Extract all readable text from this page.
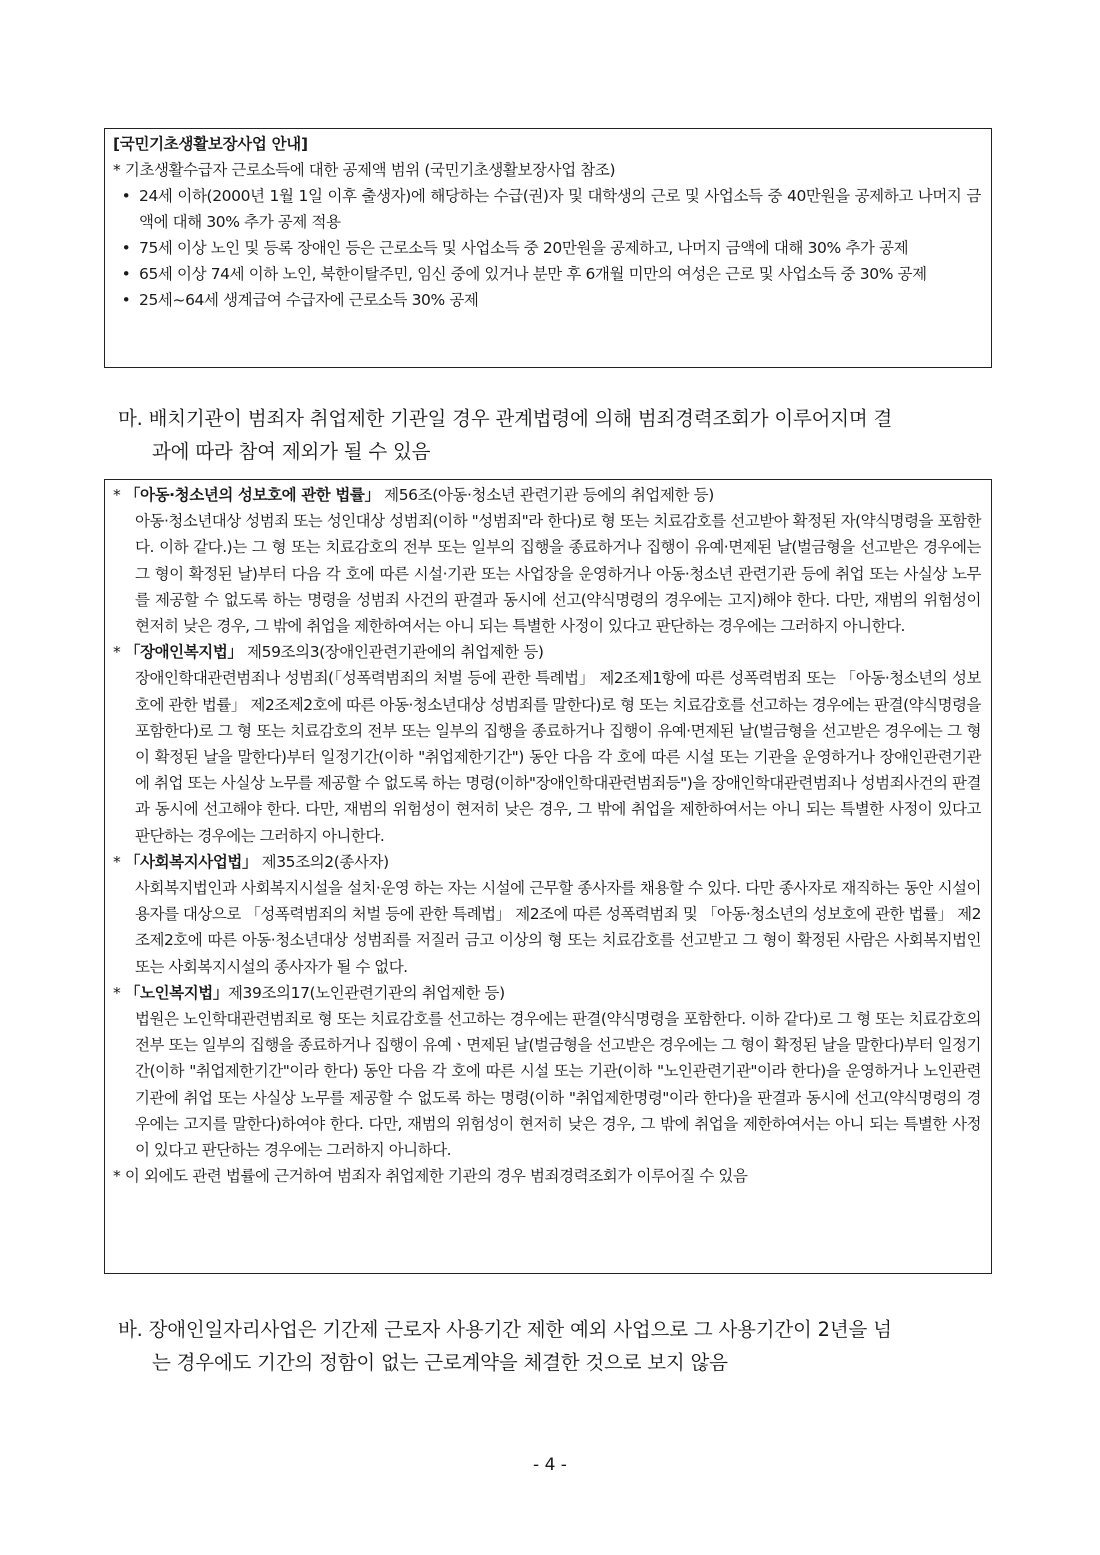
[국민기초생활보장사업 안내]
* 기초생활수급자 근로소득에 대한 공제액 범위 (국민기초생활보장사업 참조)
• 24세 이하(2000년 1월 1일 이후 출생자)에 해당하는 수급(권)자 및 대학생의 근로 및 사업소득 중 40만원을 공제하고 나머지 금액에 대해 30% 추가 공제 적용
• 75세 이상 노인 및 등록 장애인 등은 근로소득 및 사업소득 중 20만원을 공제하고, 나머지 금액에 대해 30% 추가 공제
• 65세 이상 74세 이하 노인, 북한이탈주민, 임신 중에 있거나 분만 후 6개월 미만의 여성은 근로 및 사업소득 중 30% 공제
• 25세~64세 생계급여 수급자에 근로소득 30% 공제
마. 배치기관이 범죄자 취업제한 기관일 경우 관계법령에 의해 범죄경력조회가 이루어지며 결
과에 따라 참여 제외가 될 수 있음
* 「아동·청소년의 성보호에 관한 법률」 제56조(아동·청소년 관련기관 등에의 취업제한 등)
아동·청소년대상 성범죄 또는 성인대상 성범죄(이하 "성범죄"라 한다)로 형 또는 치료감호를 선고받아 확정된 자(약식명령을 포함한다. 이하 같다.)는 그 형 또는 치료감호의 전부 또는 일부의 집행을 종료하거나 집행이 유예·면제된 날(벌금형을 선고받은 경우에는 그 형이 확정된 날)부터 다음 각 호에 따른 시설·기관 또는 사업장을 운영하거나 아동·청소년 관련기관 등에 취업 또는 사실상 노무를 제공할 수 없도록 하는 명령을 성범죄 사건의 판결과 동시에 선고(약식명령의 경우에는 고지)해야 한다. 다만, 재범의 위험성이 현저히 낮은 경우, 그 밖에 취업을 제한하여서는 아니 되는 특별한 사정이 있다고 판단하는 경우에는 그러하지 아니한다.
* 「장애인복지법」 제59조의3(장애인관련기관에의 취업제한 등)
장애인학대관련범죄나 성범죄(「성폭력범죄의 처벌 등에 관한 특례법」 제2조제1항에 따른 성폭력범죄 또는 「아동·청소년의 성보호에 관한 법률」 제2조제2호에 따른 아동·청소년대상 성범죄를 말한다)로 형 또는 치료감호를 선고하는 경우에는 판결(약식명령을 포함한다)로 그 형 또는 치료감호의 전부 또는 일부의 집행을 종료하거나 집행이 유예·면제된 날(벌금형을 선고받은 경우에는 그 형이 확정된 날을 말한다)부터 일정기간(이하 "취업제한기간") 동안 다음 각 호에 따른 시설 또는 기관을 운영하거나 장애인관련기관에 취업 또는 사실상 노무를 제공할 수 없도록 하는 명령(이하"장애인학대관련범죄등")을 장애인학대관련범죄나 성범죄사건의 판결과 동시에 선고해야 한다. 다만, 재범의 위험성이 현저히 낮은 경우, 그 밖에 취업을 제한하여서는 아니 되는 특별한 사정이 있다고 판단하는 경우에는 그러하지 아니한다.
* 「사회복지사업법」 제35조의2(종사자)
사회복지법인과 사회복지시설을 설치·운영 하는 자는 시설에 근무할 종사자를 채용할 수 있다. 다만 종사자로 재직하는 동안 시설이용자를 대상으로 「성폭력범죄의 처벌 등에 관한 특례법」 제2조에 따른 성폭력범죄 및 「아동·청소년의 성보호에 관한 법률」 제2조제2호에 따른 아동·청소년대상 성범죄를 저질러 금고 이상의 형 또는 치료감호를 선고받고 그 형이 확정된 사람은 사회복지법인 또는 사회복지시설의 종사자가 될 수 없다.
* 「노인복지법」제39조의17(노인관련기관의 취업제한 등)
법원은 노인학대관련범죄로 형 또는 치료감호를 선고하는 경우에는 판결(약식명령을 포함한다. 이하 같다)로 그 형 또는 치료감호의 전부 또는 일부의 집행을 종료하거나 집행이 유예ㆍ면제된 날(벌금형을 선고받은 경우에는 그 형이 확정된 날을 말한다)부터 일정기간(이하 "취업제한기간"이라 한다) 동안 다음 각 호에 따른 시설 또는 기관(이하 "노인관련기관"이라 한다)을 운영하거나 노인관련기관에 취업 또는 사실상 노무를 제공할 수 없도록 하는 명령(이하 "취업제한명령"이라 한다)을 판결과 동시에 선고(약식명령의 경우에는 고지를 말한다)하여야 한다. 다만, 재범의 위험성이 현저히 낮은 경우, 그 밖에 취업을 제한하여서는 아니 되는 특별한 사정이 있다고 판단하는 경우에는 그러하지 아니하다.
* 이 외에도 관련 법률에 근거하여 범죄자 취업제한 기관의 경우 범죄경력조회가 이루어질 수 있음
바. 장애인일자리사업은 기간제 근로자 사용기간 제한 예외 사업으로 그 사용기간이 2년을 넘
는 경우에도 기간의 정함이 없는 근로계약을 체결한 것으로 보지 않음
- 4 -
